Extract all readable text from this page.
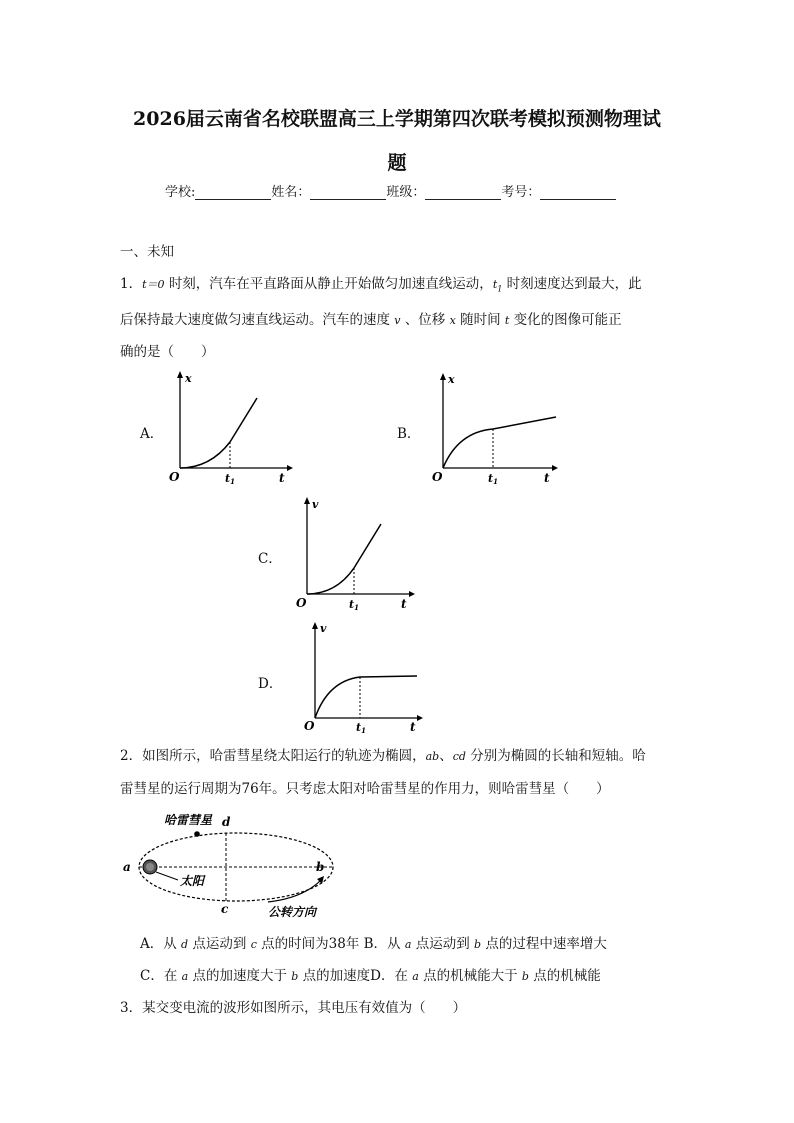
2026届云南省名校联盟高三上学期第四次联考模拟预测物理试
题
学校:	姓名：	班级：	考号：
一、未知
1．t＝0 时刻，汽车在平直路面从静止开始做匀加速直线运动，$t_1$ 时刻速度达到最大，此
后保持最大速度做匀速直线运动。汽车的速度 v 、位移 x 随时间 t 变化的图像可能正
确的是（　　）
A．
x
O	t1	t
B．
x
O	t1	t
C．
v
O	t1	t
D．
v
O	t1	t
2．如图所示，哈雷彗星绕太阳运行的轨迹为椭圆，ab、cd 分别为椭圆的长轴和短轴。哈
雷彗星的运行周期为76年。只考虑太阳对哈雷彗星的作用力，则哈雷彗星（　　）
哈雷彗星 d
a	b
c
太阳
公转方向
A．从 d 点运动到 c 点的时间为38年 B．从 a 点运动到 b 点的过程中速率增大
C．在 a 点的加速度大于 b 点的加速度D．在 a 点的机械能大于 b 点的机械能
3．某交变电流的波形如图所示，其电压有效值为（　　）
